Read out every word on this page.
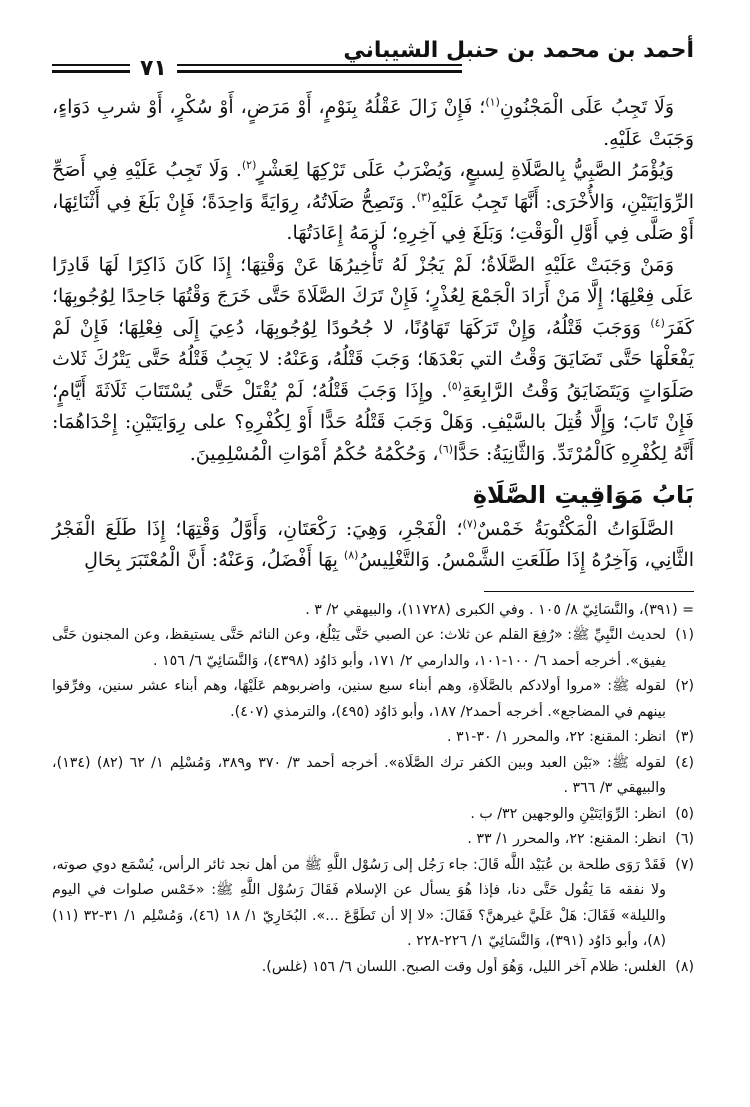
أحمد بن محمد بن حنبل الشيباني
٧١

وَلَا تَجِبُ عَلَى الْمَجْنُونِ$^{(١)}$؛ فَإِنْ زَالَ عَقْلُهُ بِنَوْمٍ، أَوْ مَرَضٍ، أَوْ سُكْرٍ، أَوْ شربِ دَوَاءٍ، وَجَبَتْ عَلَيْهِ.

وَيُؤْمَرُ الصَّبِيُّ بِالصَّلَاةِ لِسبعٍ، وَيُضْرَبُ عَلَى تَرْكِهَا لِعَشْرٍ$^{(٢)}$. وَلَا تَجِبُ عَلَيْهِ فِي أَصَحِّ الرِّوَايَتَيْنِ، وَالأُخْرَى: أَنَّهَا تَجِبُ عَلَيْهِ$^{(٣)}$. وَتَصِحُّ صَلَاتُهُ، رِوَايَةً وَاحِدَةً؛ فَإِنْ بَلَغَ فِي أَثْنَائِهَا، أَوْ صَلَّى فِي أَوَّلِ الْوَقْتِ؛ وَبَلَغَ فِي آخِرِهِ؛ لَزِمَهُ إِعَادَتُهَا.

وَمَنْ وَجَبَتْ عَلَيْهِ الصَّلَاةُ؛ لَمْ يَجُزْ لَهُ تَأْخِيرُهَا عَنْ وَقْتِهَا؛ إِذَا كَانَ ذَاكِرًا لَهَا قَادِرًا عَلَى فِعْلِهَا؛ إِلَّا مَنْ أَرَادَ الْجَمْعَ لِعُذْرٍ؛ فَإِنْ تَرَكَ الصَّلَاةَ حَتَّى خَرَجَ وَقْتُهَا جَاحِدًا لِوُجُوبِهَا؛ كَفَرَ$^{(٤)}$ وَوَجَبَ قَتْلُهُ، وَإِنْ تَرَكَهَا تَهَاوُنًا، لا جُحُودًا لِوُجُوبِهَا، دُعِيَ إِلَى فِعْلِهَا؛ فَإِنْ لَمْ يَفْعَلْهَا حَتَّى تَضَايَقَ وَقْتُ التي بَعْدَهَا؛ وَجَبَ قَتْلُهُ، وَعَنْهُ: لا يَجِبُ قَتْلُهُ حَتَّى يَتْرُكَ ثَلاث صَلَوَاتٍ وَيَتَضَايَقُ وَقْتُ الرَّابِعَةِ$^{(٥)}$. وإِذَا وَجَبَ قَتْلُهُ؛ لَمْ يُقْتَلْ حَتَّى يُسْتَتَابَ ثَلَاثَةَ أَيَّامٍ؛ فَإِنْ تَابَ؛ وَإِلَّا قُتِلَ بالسَّيْفِ. وَهَلْ وَجَبَ قَتْلُهُ حَدًّا أَوْ لِكُفْرِهِ؟ على رِوَايَتَيْنِ: إِحْدَاهُمَا: أَنَّهُ لِكُفْرِهِ كَالْمُرْتَدِّ. وَالثَّانِيَةُ: حَدًّا$^{(٦)}$، وَحُكْمُهُ حُكْمُ أَمْوَاتِ الْمُسْلِمِينَ.

بَابُ مَوَاقِيتِ الصَّلَاةِ

الصَّلَوَاتُ الْمَكْتُوبَةُ خَمْسٌ$^{(٧)}$؛ الْفَجْرِ، وَهِيَ: رَكْعَتَانِ، وَأَوَّلُ وَقْتِهَا؛ إِذَا طَلَعَ الْفَجْرُ الثَّانِي، وَآخِرُهُ إِذَا طَلَعَتِ الشَّمْسُ. وَالتَّغْلِيسُ$^{(٨)}$ بِهَا أَفْضَلُ، وَعَنْهُ: أَنَّ الْمُعْتَبَرَ بِحَالِ

= (٣٩١)، والنَّسَائِيّ ٨/ ١٠٥ . وفي الكبرى (١١٧٢٨)، والبيهقي ٢/ ٣ .

(١)
لحديث النَّبِيِّ ﷺ: «رُفِعَ القلم عن ثلاث: عن الصبي حَتَّى يَبْلُغ، وعن النائم حَتَّى يستيقظ، وعن المجنون حَتَّى يفيق». أخرجه أحمد ٦/ ١٠٠-١٠١، والدارمي ٢/ ١٧١، وأبو دَاوُد (٤٣٩٨)، وَالنَّسَائِيّ ٦/ ١٥٦ .
(٢)
لقوله ﷺ: «مروا أولادكم بالصَّلَاةِ، وهم أبناء سبع سنين، واضربوهم عَلَيْهَا، وهم أبناء عشر سنين، وفرِّقوا بينهم في المضاجع». أخرجه أحمد٢/ ١٨٧، وأبو دَاوُد (٤٩٥)، والترمذي (٤٠٧).
(٣)
انظر: المقنع: ٢٢، والمحرر ١/ ٣٠-٣١ .
(٤)
لقوله ﷺ: «بَيْن العبد وبين الكفر ترك الصَّلَاة». أخرجه أحمد ٣/ ٣٧٠ و٣٨٩، وَمُسْلِم ١/ ٦٢ (٨٢) (١٣٤)، والبيهقي ٣/ ٣٦٦ .
(٥)
انظر: الرِّوَايَتَيْنِ والوجهين ٣٢/ ب .
(٦)
انظر: المقنع: ٢٢، والمحرر ١/ ٣٣ .
(٧)
فَقَدْ رَوَى طلحة بن عُبَيْد اللَّه قَالَ: جاء رَجُل إلى رَسُوْل اللَّهِ ﷺ من أهل نجد ثائر الرأس، يُسْمَع دوي صوته، ولا نفقه مَا يَقُول حَتَّى دنا، فإذا هُوَ يسأل عن الإسلام فَقَالَ رَسُوْل اللَّهِ ﷺ: «خَمْس صلوات في اليوم والليلة» فَقَالَ: هَلْ عَلَيَّ غيرهنَّ؟ فَقَالَ: «لا إلا أن تَطَوَّعَ ...». البُخَارِيّ ١/ ١٨ (٤٦)، وَمُسْلِم ١/ ٣١-٣٢ (١١) (٨)، وأبو دَاوُد (٣٩١)، وَالنَّسَائِيّ ١/ ٢٢٦-٢٢٨ .
(٨)
الغلس: ظلام آخر الليل، وَهُوَ أول وقت الصبح. اللسان ٦/ ١٥٦ (غلس).
